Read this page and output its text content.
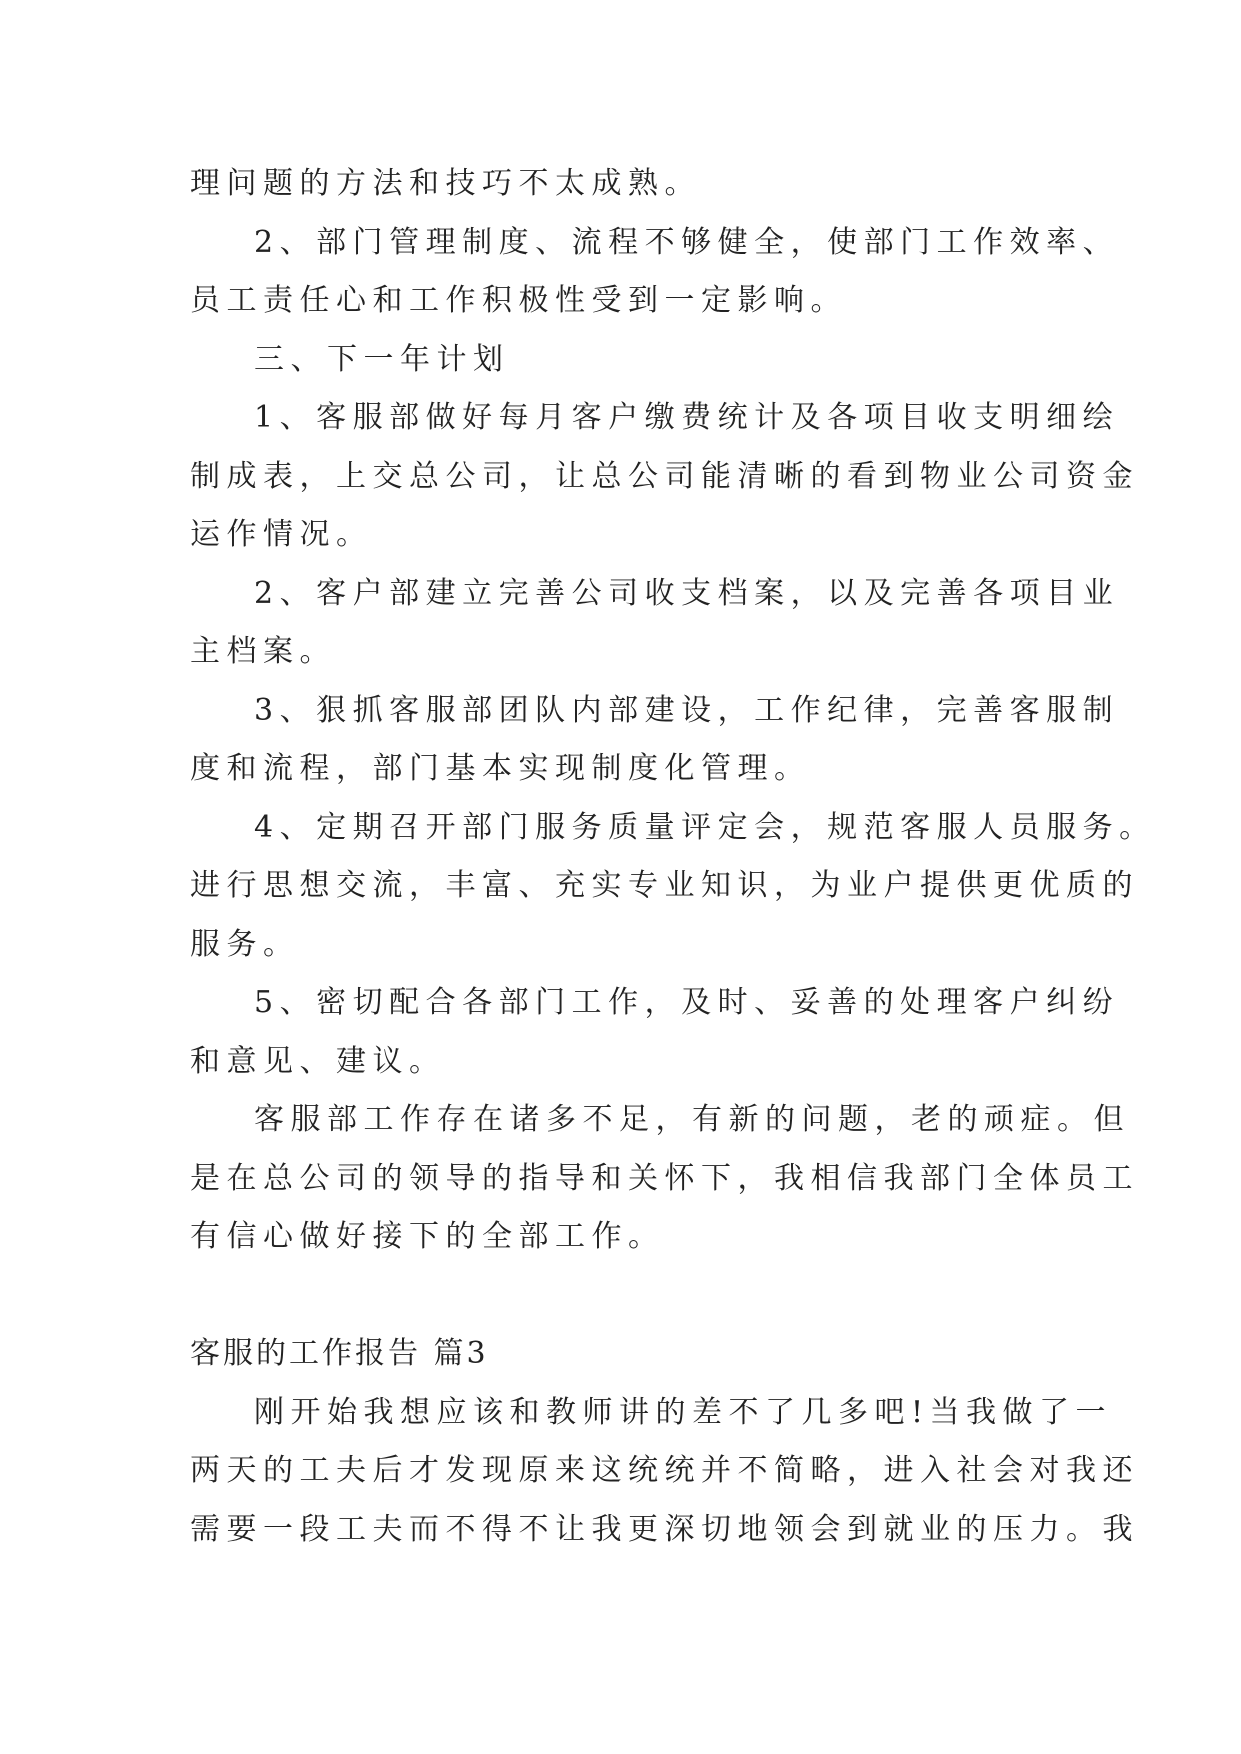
理问题的方法和技巧不太成熟。
2、部门管理制度、流程不够健全，使部门工作效率、
员工责任心和工作积极性受到一定影响。
三、下一年计划
1、客服部做好每月客户缴费统计及各项目收支明细绘
制成表，上交总公司，让总公司能清晰的看到物业公司资金
运作情况。
2、客户部建立完善公司收支档案，以及完善各项目业
主档案。
3、狠抓客服部团队内部建设，工作纪律，完善客服制
度和流程，部门基本实现制度化管理。
4、定期召开部门服务质量评定会，规范客服人员服务。
进行思想交流，丰富、充实专业知识，为业户提供更优质的
服务。
5、密切配合各部门工作，及时、妥善的处理客户纠纷
和意见、建议。
客服部工作存在诸多不足，有新的问题，老的顽症。但
是在总公司的领导的指导和关怀下，我相信我部门全体员工
有信心做好接下的全部工作。
客服的工作报告 篇3
刚开始我想应该和教师讲的差不了几多吧!当我做了一
两天的工夫后才发现原来这统统并不简略，进入社会对我还
需要一段工夫而不得不让我更深切地领会到就业的压力。我
